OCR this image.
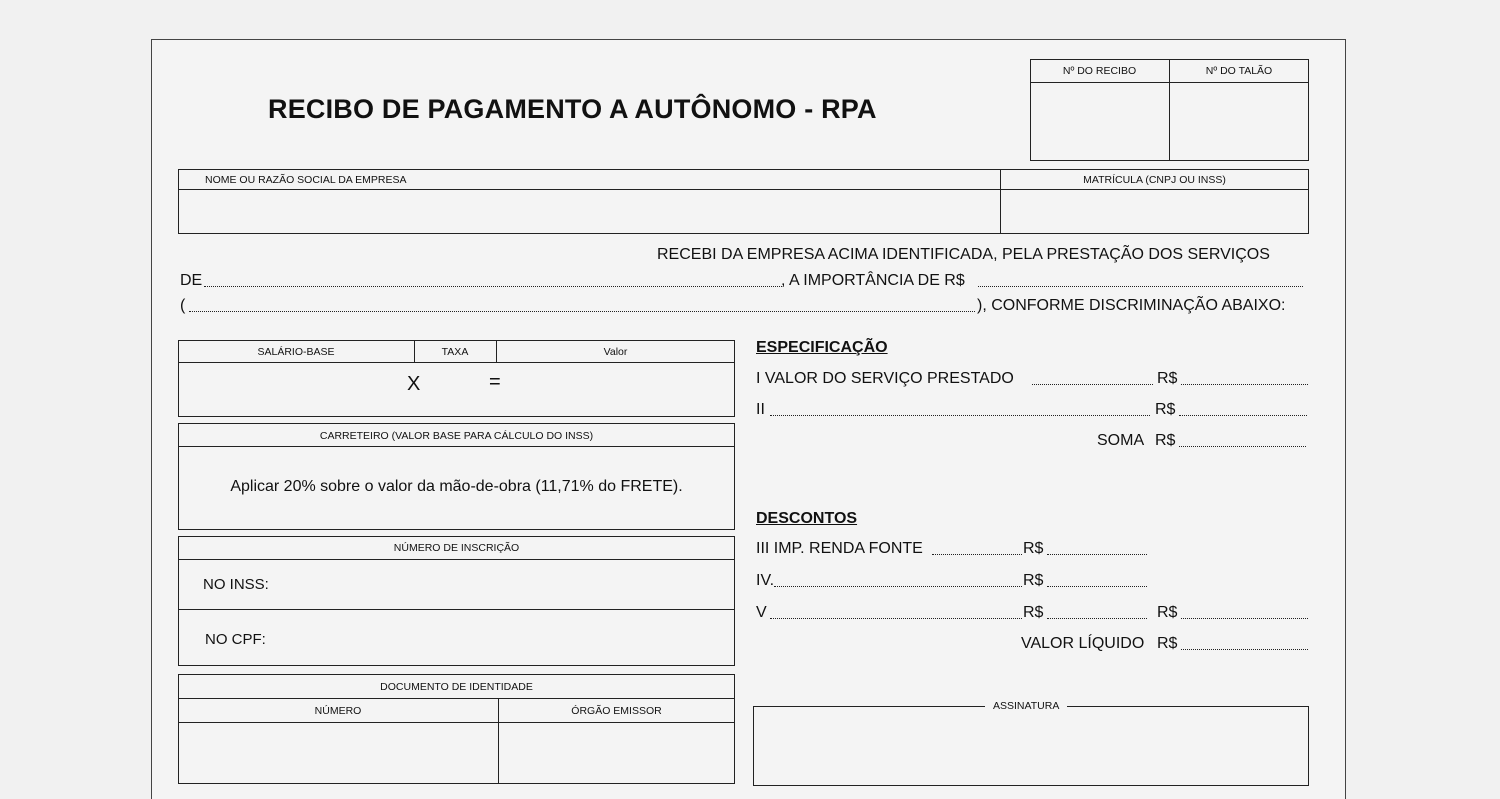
RECIBO DE PAGAMENTO A AUTÔNOMO - RPA
Nº DO RECIBO	Nº DO TALÃO
NOME OU RAZÃO SOCIAL DA EMPRESA	MATRÍCULA (CNPJ OU INSS)
RECEBI DA EMPRESA ACIMA IDENTIFICADA, PELA PRESTAÇÃO DOS SERVIÇOS
DE	, A IMPORTÂNCIA DE R$
(	), CONFORME DISCRIMINAÇÃO ABAIXO:
SALÁRIO-BASE	TAXA	Valor
X	=
CARRETEIRO (VALOR BASE PARA CÁLCULO DO INSS)
Aplicar 20% sobre o valor da mão-de-obra (11,71% do FRETE).
NÚMERO DE INSCRIÇÃO
NO INSS:
NO CPF:
DOCUMENTO DE IDENTIDADE
NÚMERO	ÓRGÃO EMISSOR
ESPECIFICAÇÃO
I VALOR DO SERVIÇO PRESTADO	R$
II	R$
SOMA R$
DESCONTOS
III IMP. RENDA FONTE	R$
IV.	R$
V	R$	R$
VALOR LÍQUIDO R$
ASSINATURA
